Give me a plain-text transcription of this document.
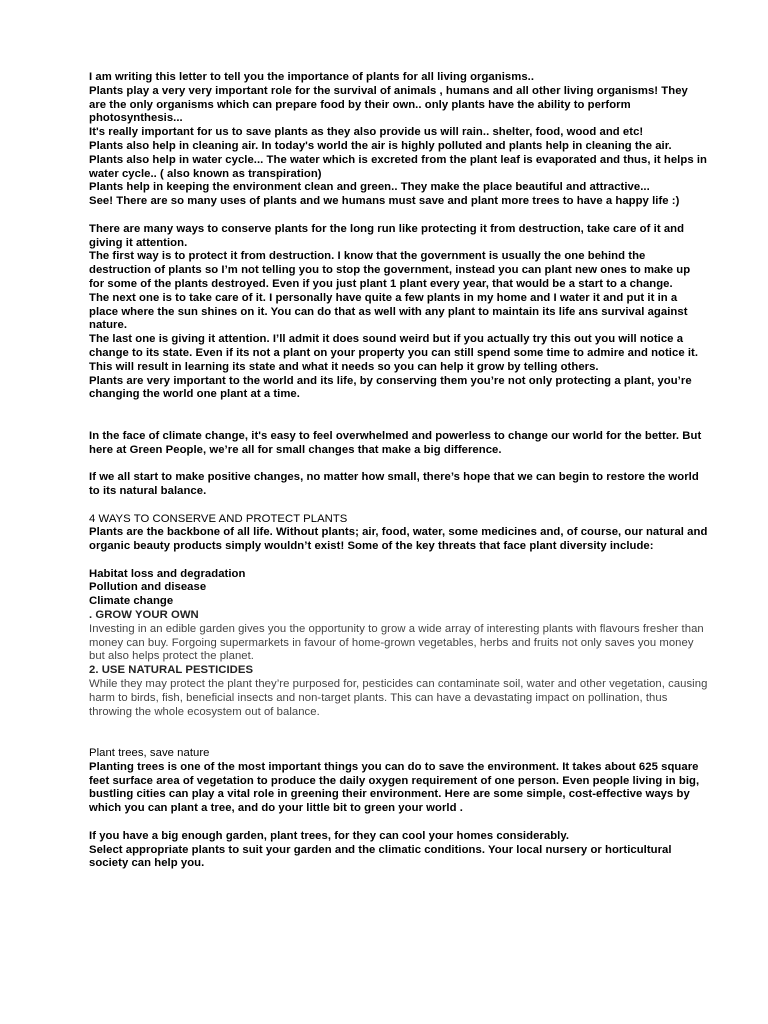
I am writing this letter to tell you the importance of plants for all living organisms..

Plants play a very very important role for the survival of animals , humans and all other living organisms! They are the only organisms which can prepare food by their own.. only plants have the ability to perform photosynthesis...

It's really important for us to save plants as they also provide us will rain.. shelter, food, wood and etc!

Plants also help in cleaning air. In today's world the air is highly polluted and plants help in cleaning the air.

Plants also help in water cycle... The water which is excreted from the plant leaf is evaporated and thus, it helps in water cycle.. ( also known as transpiration)

Plants help in keeping the environment clean and green.. They make the place beautiful and attractive...

See! There are so many uses of plants and we humans must save and plant more trees to have a happy life :)

There are many ways to conserve plants for the long run like protecting it from destruction, take care of it and giving it attention.

The first way is to protect it from destruction. I know that the government is usually the one behind the destruction of plants so I’m not telling you to stop the government, instead you can plant new ones to make up for some of the plants destroyed. Even if you just plant 1 plant every year, that would be a start to a change.

The next one is to take care of it. I personally have quite a few plants in my home and I water it and put it in a place where the sun shines on it. You can do that as well with any plant to maintain its life ans survival against nature.

The last one is giving it attention. I’ll admit it does sound weird but if you actually try this out you will notice a change to its state. Even if its not a plant on your property you can still spend some time to admire and notice it. This will result in learning its state and what it needs so you can help it grow by telling others.

Plants are very important to the world and its life, by conserving them you’re not only protecting a plant, you’re changing the world one plant at a time.

In the face of climate change, it's easy to feel overwhelmed and powerless to change our world for the better. But here at Green People, we’re all for small changes that make a big difference.

If we all start to make positive changes, no matter how small, there’s hope that we can begin to restore the world to its natural balance.

4 WAYS TO CONSERVE AND PROTECT PLANTS

Plants are the backbone of all life. Without plants; air, food, water, some medicines and, of course, our natural and organic beauty products simply wouldn’t exist! Some of the key threats that face plant diversity include:

Habitat loss and degradation

Pollution and disease

Climate change

. GROW YOUR OWN

Investing in an edible garden gives you the opportunity to grow a wide array of interesting plants with flavours fresher than money can buy. Forgoing supermarkets in favour of home-grown vegetables, herbs and fruits not only saves you money but also helps protect the planet.

2. USE NATURAL PESTICIDES

While they may protect the plant they’re purposed for, pesticides can contaminate soil, water and other vegetation, causing harm to birds, fish, beneficial insects and non-target plants. This can have a devastating impact on pollination, thus throwing the whole ecosystem out of balance.

Plant trees, save nature

Planting trees is one of the most important things you can do to save the environment. It takes about 625 square feet surface area of vegetation to produce the daily oxygen requirement of one person. Even people living in big, bustling cities can play a vital role in greening their environment. Here are some simple, cost-effective ways by which you can plant a tree, and do your little bit to green your world .

If you have a big enough garden, plant trees, for they can cool your homes considerably.

Select appropriate plants to suit your garden and the climatic conditions. Your local nursery or horticultural society can help you.
